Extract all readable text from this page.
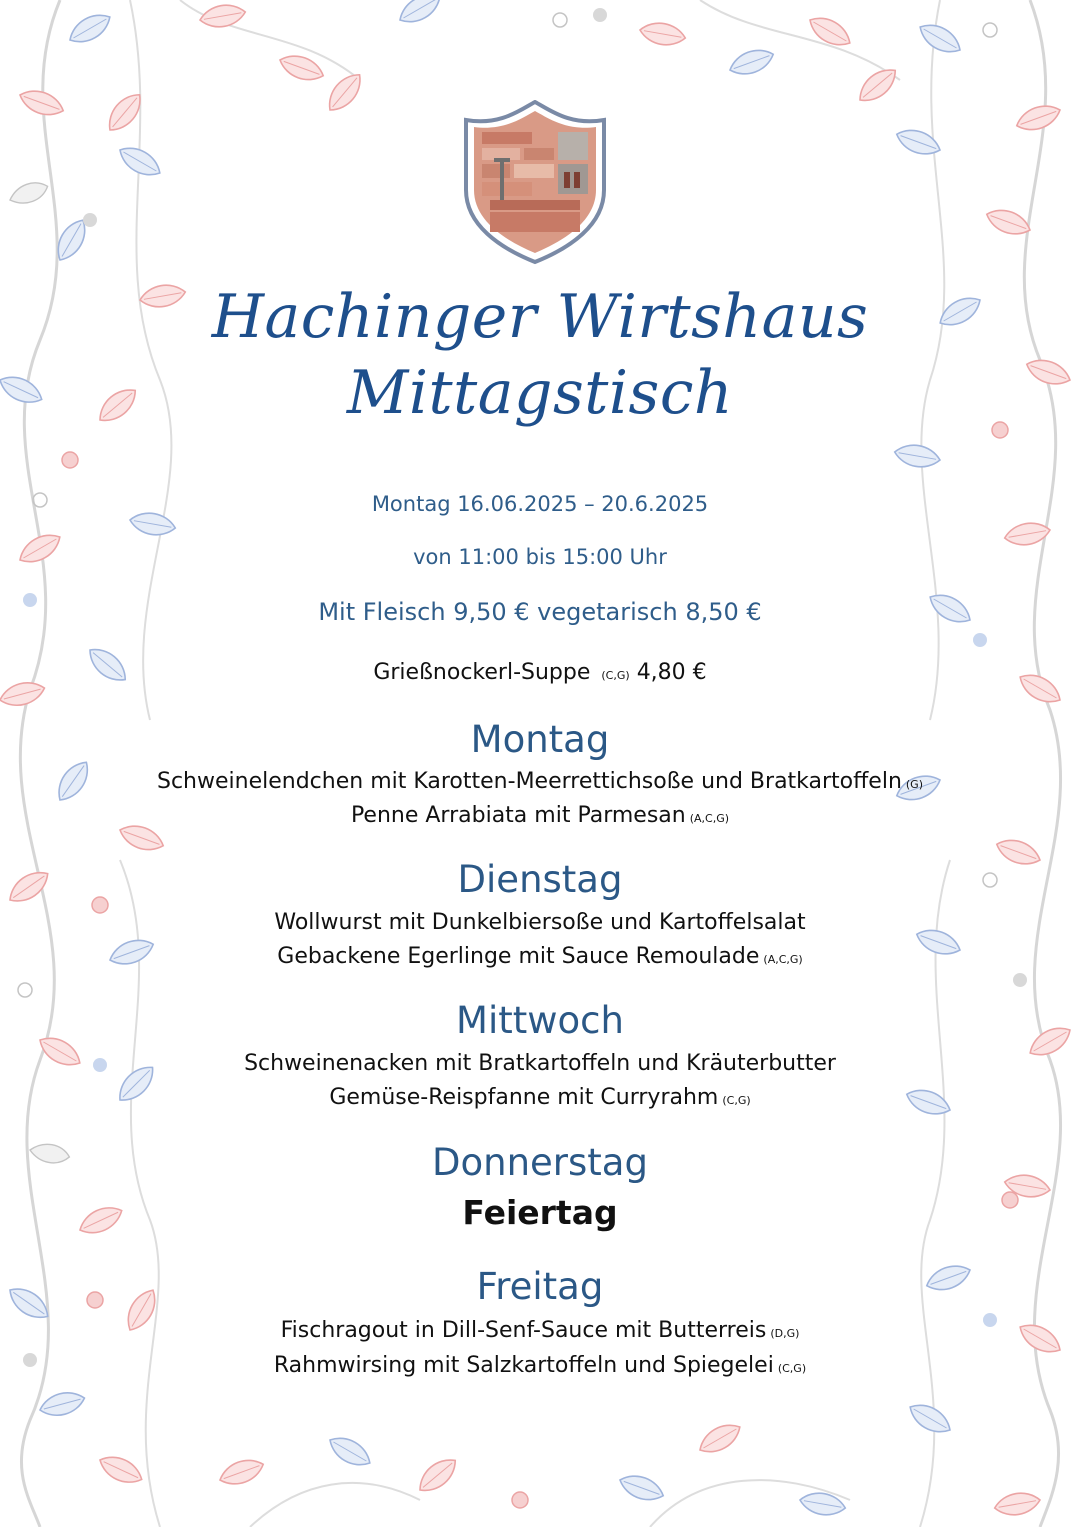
Hachinger Wirtshaus
Mittagstisch
Montag 16.06.2025 – 20.6.2025
von 11:00 bis 15:00 Uhr
Mit Fleisch 9,50 € vegetarisch 8,50 €
Grießnockerl-Suppe (C,G) 4,80 €
Montag
Schweinelendchen mit Karotten-Meerrettichsoße und Bratkartoffeln (G)
Penne Arrabiata mit Parmesan (A,C,G)
Dienstag
Wollwurst mit Dunkelbiersoße und Kartoffelsalat
Gebackene Egerlinge mit Sauce Remoulade (A,C,G)
Mittwoch
Schweinenacken mit Bratkartoffeln und Kräuterbutter
Gemüse-Reispfanne mit Curryrahm (C,G)
Donnerstag
Feiertag
Freitag
Fischragout in Dill-Senf-Sauce mit Butterreis (D,G)
Rahmwirsing mit Salzkartoffeln und Spiegelei (C,G)
